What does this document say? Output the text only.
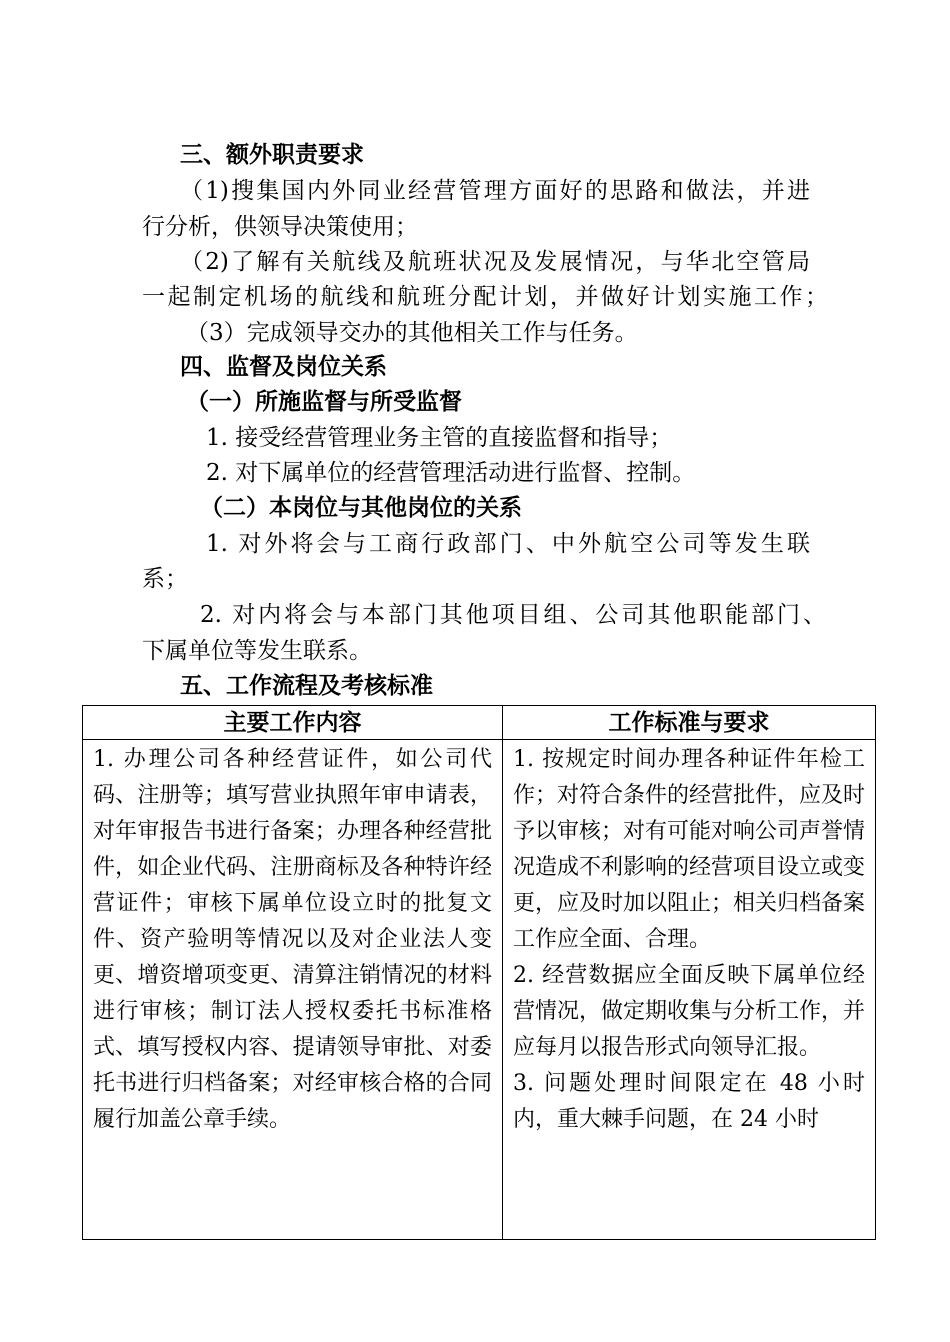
三、额外职责要求
（1)搜集国内外同业经营管理方面好的思路和做法，并进
行分析，供领导决策使用；
（2)了解有关航线及航班状况及发展情况，与华北空管局
一起制定机场的航线和航班分配计划，并做好计划实施工作；
（3）完成领导交办的其他相关工作与任务。
四、监督及岗位关系
（一）所施监督与所受监督
1. 接受经营管理业务主管的直接监督和指导；
2. 对下属单位的经营管理活动进行监督、控制。
（二）本岗位与其他岗位的关系
1. 对外将会与工商行政部门、中外航空公司等发生联
系；
2. 对内将会与本部门其他项目组、公司其他职能部门、
下属单位等发生联系。
五、工作流程及考核标准
主要工作内容	工作标准与要求

1. 办理公司各种经营证件，如公司代码、注册等；填写营业执照年审申请表，对年审报告书进行备案；办理各种经营批件，如企业代码、注册商标及各种特许经营证件；审核下属单位设立时的批复文件、资产验明等情况以及对企业法人变更、增资增项变更、清算注销情况的材料进行审核；制订法人授权委托书标准格式、填写授权内容、提请领导审批、对委托书进行归档备案；对经审核合格的合同履行加盖公章手续。	1. 按规定时间办理各种证件年检工作；对符合条件的经营批件，应及时予以审核；对有可能对响公司声誉情况造成不利影响的经营项目设立或变更，应及时加以阻止；相关归档备案工作应全面、合理。

2. 经营数据应全面反映下属单位经营情况，做定期收集与分析工作，并应每月以报告形式向领导汇报。

3. 问题处理时间限定在 48 小时内，重大棘手问题，在 24 小时
